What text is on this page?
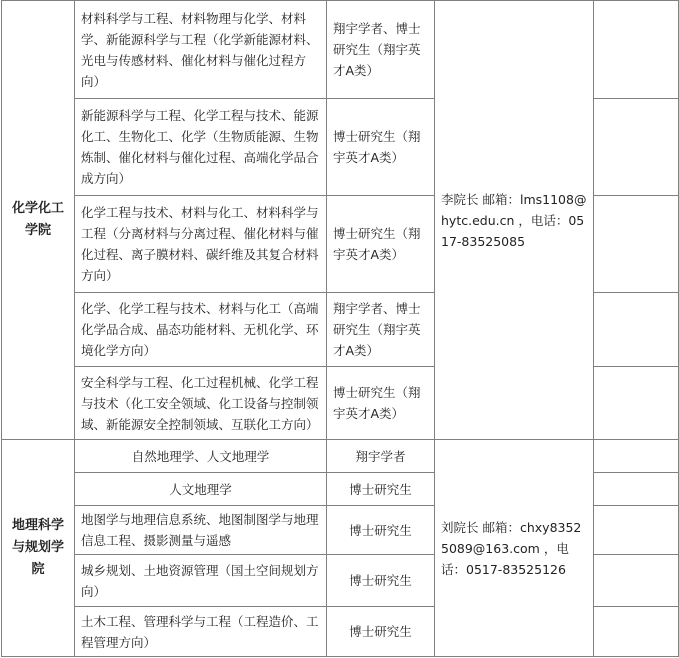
化学化工学院	材料科学与工程、材料物理与化学、材料学、新能源科学与工程（化学新能源材料、光电与传感材料、催化材料与催化过程方向）	翔宇学者、博士研究生（翔宇英才A类）	李院长 邮箱：lms1108@hytc.edu.cn ，电话：0517-83525085	
	新能源科学与工程、化学工程与技术、能源化工、生物化工、化学（生物质能源、生物炼制、催化材料与催化过程、高端化学品合成方向）	博士研究生（翔宇英才A类）		
	化学工程与技术、材料与化工、材料科学与工程（分离材料与分离过程、催化材料与催化过程、离子膜材料、碳纤维及其复合材料方向）	博士研究生（翔宇英才A类）		
	化学、化学工程与技术、材料与化工（高端化学品合成、晶态功能材料、无机化学、环境化学方向）	翔宇学者、博士研究生（翔宇英才A类）		
	安全科学与工程、化工过程机械、化学工程与技术（化工安全领域、化工设备与控制领域、新能源安全控制领域、互联化工方向）	博士研究生（翔宇英才A类）		
地理科学与规划学院	自然地理学、人文地理学	翔宇学者	刘院长 邮箱：chxy83525089@163.com ，电话：0517-83525126	
	人文地理学	博士研究生		
	地图学与地理信息系统、地图制图学与地理信息工程、摄影测量与遥感	博士研究生		
	城乡规划、土地资源管理（国土空间规划方向）	博士研究生		
	土木工程、管理科学与工程（工程造价、工程管理方向）	博士研究生		
